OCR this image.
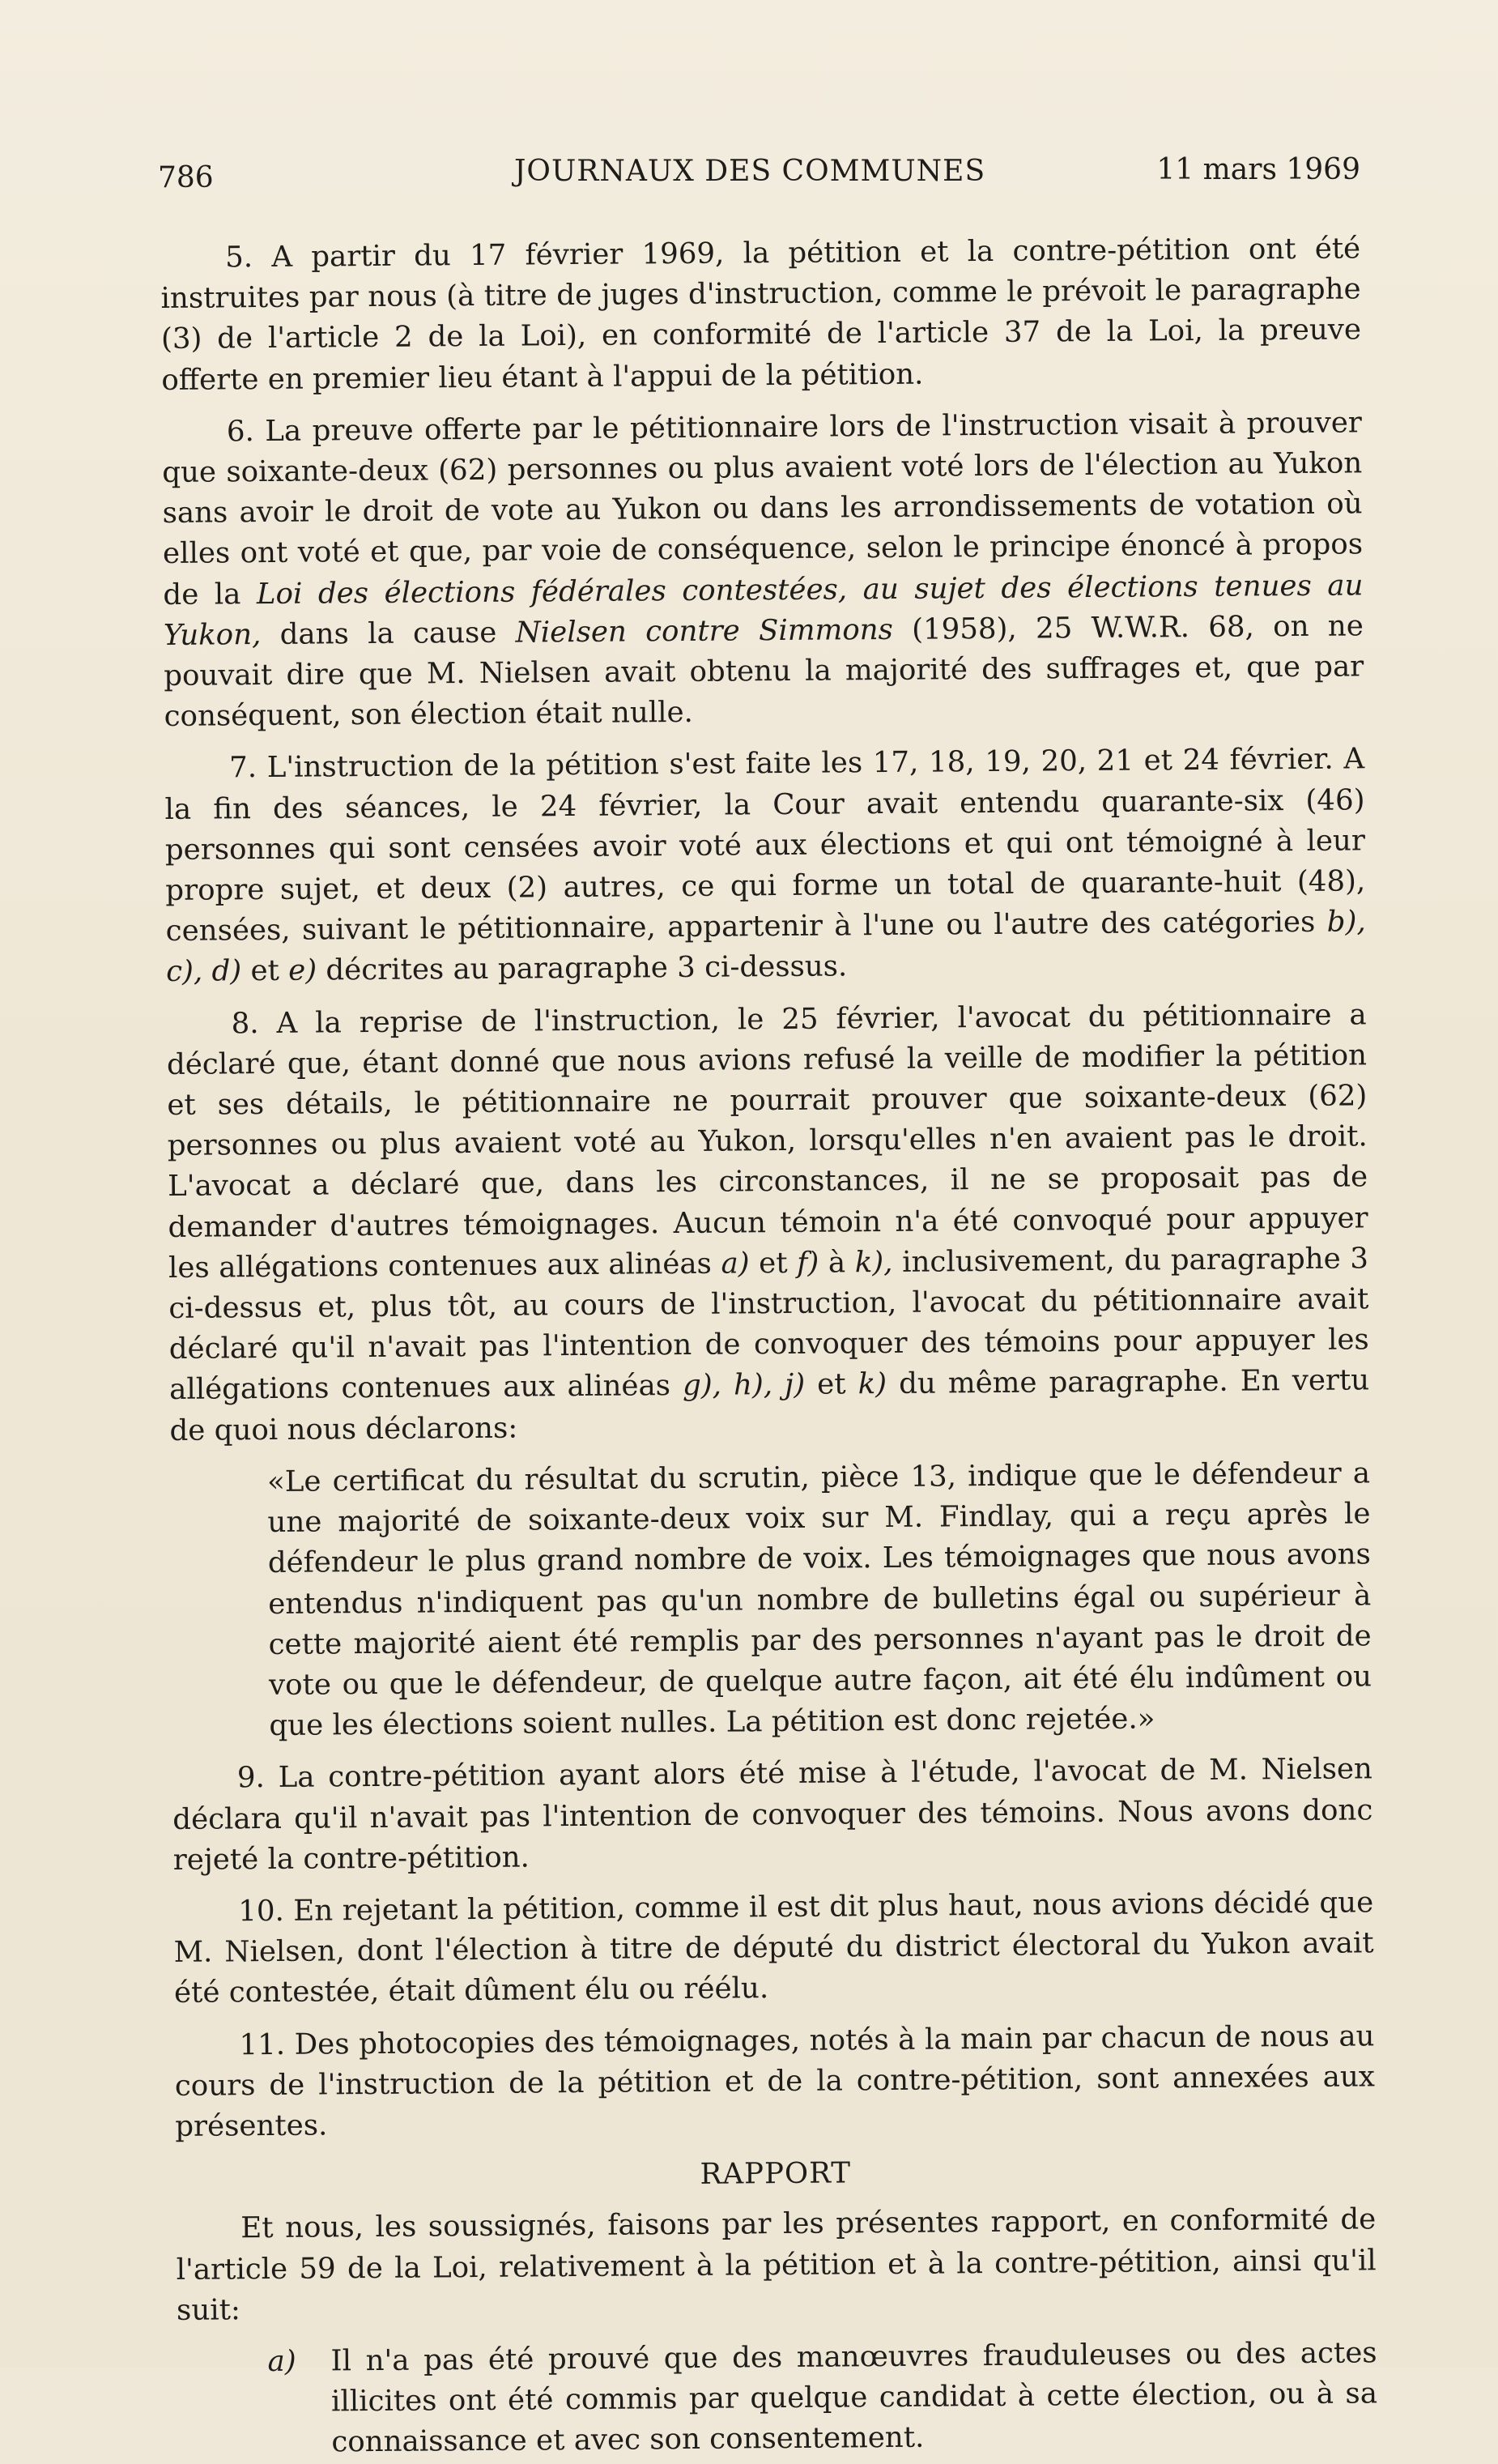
786	JOURNAUX DES COMMUNES	11 mars 1969

5. A partir du 17 février 1969, la pétition et la contre-pétition ont été instruites par nous (à titre de juges d'instruction, comme le prévoit le paragraphe (3) de l'article 2 de la Loi), en conformité de l'article 37 de la Loi, la preuve offerte en premier lieu étant à l'appui de la pétition.

6. La preuve offerte par le pétitionnaire lors de l'instruction visait à prouver que soixante-deux (62) personnes ou plus avaient voté lors de l'élection au Yukon sans avoir le droit de vote au Yukon ou dans les arrondissements de votation où elles ont voté et que, par voie de conséquence, selon le principe énoncé à propos de la Loi des élections fédérales contestées, au sujet des élections tenues au Yukon, dans la cause Nielsen contre Simmons (1958), 25 W.W.R. 68, on ne pouvait dire que M. Nielsen avait obtenu la majorité des suffrages et, que par conséquent, son élection était nulle.

7. L'instruction de la pétition s'est faite les 17, 18, 19, 20, 21 et 24 février. A la fin des séances, le 24 février, la Cour avait entendu quarante-six (46) personnes qui sont censées avoir voté aux élections et qui ont témoigné à leur propre sujet, et deux (2) autres, ce qui forme un total de quarante-huit (48), censées, suivant le pétitionnaire, appartenir à l'une ou l'autre des catégories b), c), d) et e) décrites au paragraphe 3 ci-dessus.

8. A la reprise de l'instruction, le 25 février, l'avocat du pétitionnaire a déclaré que, étant donné que nous avions refusé la veille de modifier la pétition et ses détails, le pétitionnaire ne pourrait prouver que soixante-deux (62) personnes ou plus avaient voté au Yukon, lorsqu'elles n'en avaient pas le droit. L'avocat a déclaré que, dans les circonstances, il ne se proposait pas de demander d'autres témoignages. Aucun témoin n'a été convoqué pour appuyer les allégations contenues aux alinéas a) et f) à k), inclusivement, du paragraphe 3 ci-dessus et, plus tôt, au cours de l'instruction, l'avocat du pétitionnaire avait déclaré qu'il n'avait pas l'intention de convoquer des témoins pour appuyer les allégations contenues aux alinéas g), h), j) et k) du même paragraphe. En vertu de quoi nous déclarons:

«Le certificat du résultat du scrutin, pièce 13, indique que le défendeur a une majorité de soixante-deux voix sur M. Findlay, qui a reçu après le défendeur le plus grand nombre de voix. Les témoignages que nous avons entendus n'indiquent pas qu'un nombre de bulletins égal ou supérieur à cette majorité aient été remplis par des personnes n'ayant pas le droit de vote ou que le défendeur, de quelque autre façon, ait été élu indûment ou que les élections soient nulles. La pétition est donc rejetée.»

9. La contre-pétition ayant alors été mise à l'étude, l'avocat de M. Nielsen déclara qu'il n'avait pas l'intention de convoquer des témoins. Nous avons donc rejeté la contre-pétition.

10. En rejetant la pétition, comme il est dit plus haut, nous avions décidé que M. Nielsen, dont l'élection à titre de député du district électoral du Yukon avait été contestée, était dûment élu ou réélu.

11. Des photocopies des témoignages, notés à la main par chacun de nous au cours de l'instruction de la pétition et de la contre-pétition, sont annexées aux présentes.

RAPPORT

Et nous, les soussignés, faisons par les présentes rapport, en conformité de l'article 59 de la Loi, relativement à la pétition et à la contre-pétition, ainsi qu'il suit:

a) Il n'a pas été prouvé que des manœuvres frauduleuses ou des actes illicites ont été commis par quelque candidat à cette élection, ou à sa connaissance et avec son consentement.
